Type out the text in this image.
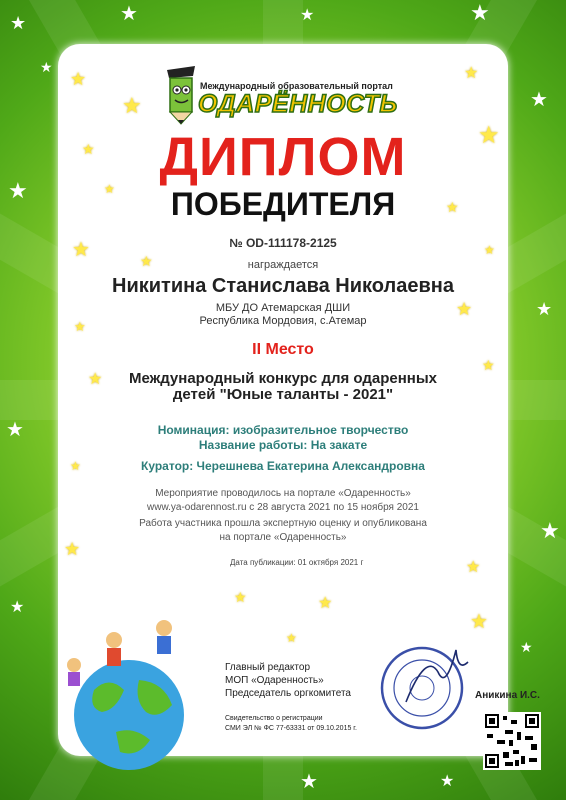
★	★	★	★
★
★
★
★
★
★
★	★
★
★
★
★
★
★
★	★
★
★
★
★
★
★
★
★
★
★
★
★	★
★
★
Международный образовательный портал
ОДАРЁННОСТЬ
ДИПЛОМ
ПОБЕДИТЕЛЯ
№ OD-111178-2125
награждается
Никитина Станислава Николаевна
МБУ ДО Атемарская ДШИ
Республика Мордовия, с.Атемар
II Место
Международный конкурс для одаренных
детей "Юные таланты - 2021"
Номинация: изобразительное творчество
Название работы: На закате
Куратор: Черешнева Екатерина Александровна
Мероприятие проводилось на портале «Одаренность»
www.ya-odarennost.ru с 28 августа 2021 по 15 ноября 2021
Работа участника прошла экспертную оценку и опубликована
на портале «Одаренность»
Дата публикации: 01 октября 2021 г
Главный редактор
МОП «Одаренность»
Председатель оргкомитета
Свидетельство о регистрации
СМИ ЭЛ № ФС 77-63331 от 09.10.2015 г.
Аникина И.С.
